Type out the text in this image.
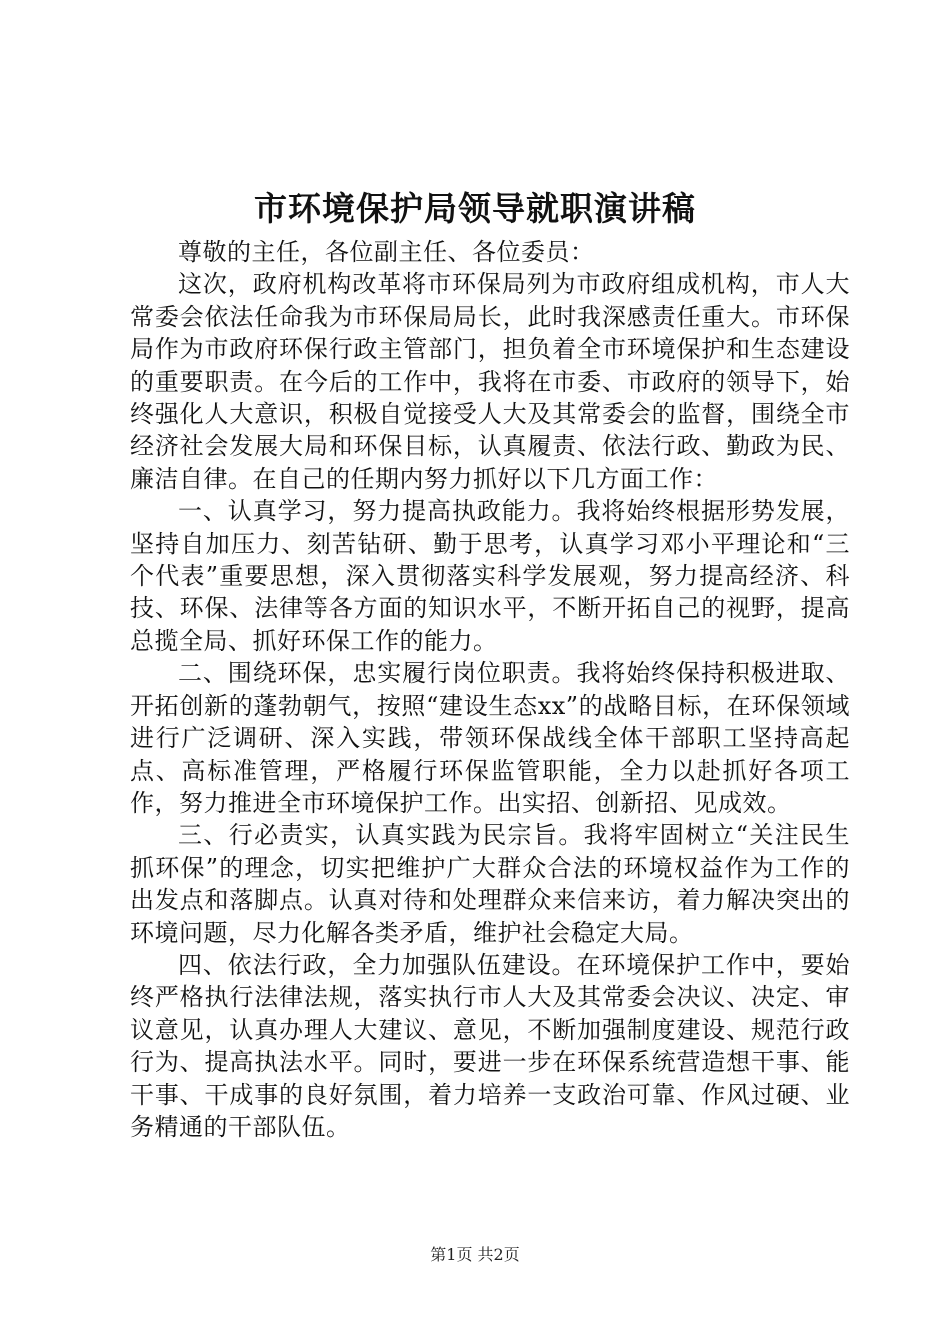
市环境保护局领导就职演讲稿

尊敬的主任，各位副主任、各位委员：

这次，政府机构改革将市环保局列为市政府组成机构，市人大常委会依法任命我为市环保局局长，此时我深感责任重大。市环保局作为市政府环保行政主管部门，担负着全市环境保护和生态建设的重要职责。在今后的工作中，我将在市委、市政府的领导下，始终强化人大意识，积极自觉接受人大及其常委会的监督，围绕全市经济社会发展大局和环保目标，认真履责、依法行政、勤政为民、廉洁自律。在自己的任期内努力抓好以下几方面工作：

一、认真学习，努力提高执政能力。我将始终根据形势发展，坚持自加压力、刻苦钻研、勤于思考，认真学习邓小平理论和“三个代表”重要思想，深入贯彻落实科学发展观，努力提高经济、科技、环保、法律等各方面的知识水平，不断开拓自己的视野，提高总揽全局、抓好环保工作的能力。

二、围绕环保，忠实履行岗位职责。我将始终保持积极进取、开拓创新的蓬勃朝气，按照“建设生态xx”的战略目标，在环保领域进行广泛调研、深入实践，带领环保战线全体干部职工坚持高起点、高标准管理，严格履行环保监管职能，全力以赴抓好各项工作，努力推进全市环境保护工作。出实招、创新招、见成效。

三、行必责实，认真实践为民宗旨。我将牢固树立“关注民生抓环保”的理念，切实把维护广大群众合法的环境权益作为工作的出发点和落脚点。认真对待和处理群众来信来访，着力解决突出的环境问题，尽力化解各类矛盾，维护社会稳定大局。

四、依法行政，全力加强队伍建设。在环境保护工作中，要始终严格执行法律法规，落实执行市人大及其常委会决议、决定、审议意见，认真办理人大建议、意见，不断加强制度建设、规范行政行为、提高执法水平。同时，要进一步在环保系统营造想干事、能干事、干成事的良好氛围，着力培养一支政治可靠、作风过硬、业务精通的干部队伍。

第1页 共2页
